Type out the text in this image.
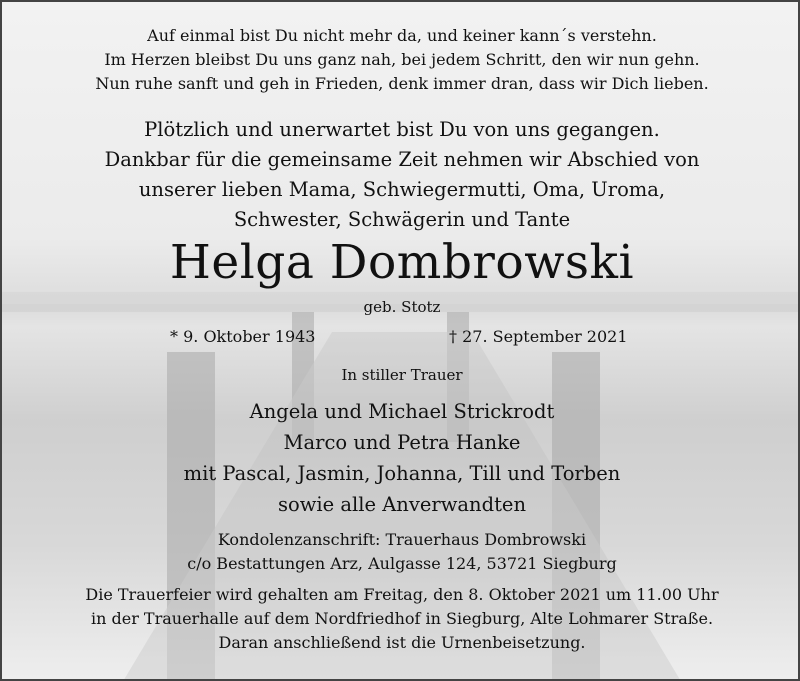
Auf einmal bist Du nicht mehr da, und keiner kann´s verstehn.
Im Herzen bleibst Du uns ganz nah, bei jedem Schritt, den wir nun gehn.
Nun ruhe sanft und geh in Frieden, denk immer dran, dass wir Dich lieben.
Plötzlich und unerwartet bist Du von uns gegangen.
Dankbar für die gemeinsame Zeit nehmen wir Abschied von
unserer lieben Mama, Schwiegermutti, Oma, Uroma,
Schwester, Schwägerin und Tante
Helga Dombrowski
geb. Stotz
* 9. Oktober 1943	† 27. September 2021
In stiller Trauer
Angela und Michael Strickrodt
Marco und Petra Hanke
mit Pascal, Jasmin, Johanna, Till und Torben
sowie alle Anverwandten
Kondolenzanschrift: Trauerhaus Dombrowski
c/o Bestattungen Arz, Aulgasse 124, 53721 Siegburg
Die Trauerfeier wird gehalten am Freitag, den 8. Oktober 2021 um 11.00 Uhr
in der Trauerhalle auf dem Nordfriedhof in Siegburg, Alte Lohmarer Straße.
Daran anschließend ist die Urnenbeisetzung.
